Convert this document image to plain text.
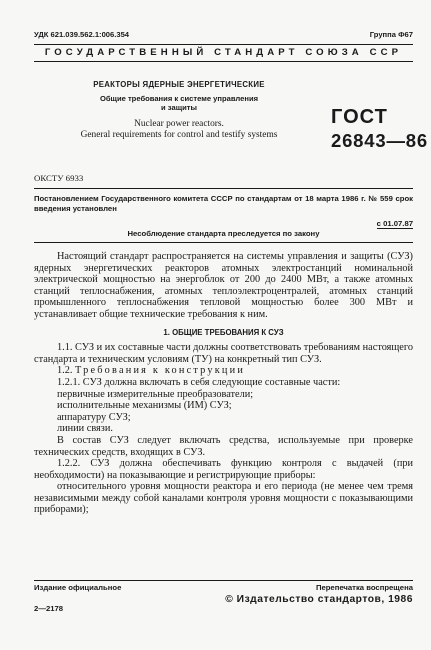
УДК 621.039.562.1:006.354	Группа Ф67
ГОСУДАРСТВЕННЫЙ СТАНДАРТ СОЮЗА ССР
РЕАКТОРЫ ЯДЕРНЫЕ ЭНЕРГЕТИЧЕСКИЕ
Общие требования к системе управления
и защиты
Nuclear power reactors.
General requirements for control and testify systems
ГОСТ
26843—86
ОКСТУ 6933
Постановлением Государственного комитета СССР по стандартам от 18 марта 1986 г. № 559 срок введения установлен
с 01.07.87
Несоблюдение стандарта преследуется по закону

Настоящий стандарт распространяется на системы управления и защиты (СУЗ) ядерных энергетических реакторов атомных электростанций номинальной электрической мощностью на энергоблок от 200 до 2400 МВт, а также атомных станций теплоснабжения, атомных теплоэлектроцентралей, атомных станций промышленного теплоснабжения тепловой мощностью более 300 МВт и устанавливает общие технические требования к ним.

1. ОБЩИЕ ТРЕБОВАНИЯ К СУЗ

1.1. СУЗ и их составные части должны соответствовать требованиям настоящего стандарта и техническим условиям (ТУ) на конкретный тип СУЗ.

1.2. Требования к конструкции

1.2.1. СУЗ должна включать в себя следующие составные части:

первичные измерительные преобразователи;

исполнительные механизмы (ИМ) СУЗ;

аппаратуру СУЗ;

линии связи.

В состав СУЗ следует включать средства, используемые при проверке технических средств, входящих в СУЗ.

1.2.2. СУЗ должна обеспечивать функцию контроля с выдачей (при необходимости) на показывающие и регистрирующие приборы:

относительного уровня мощности реактора и его периода (не менее чем тремя независимыми между собой каналами контроля уровня мощности с показывающими приборами);

Издание официальное	Перепечатка воспрещена
© Издательство стандартов, 1986
2—2178
